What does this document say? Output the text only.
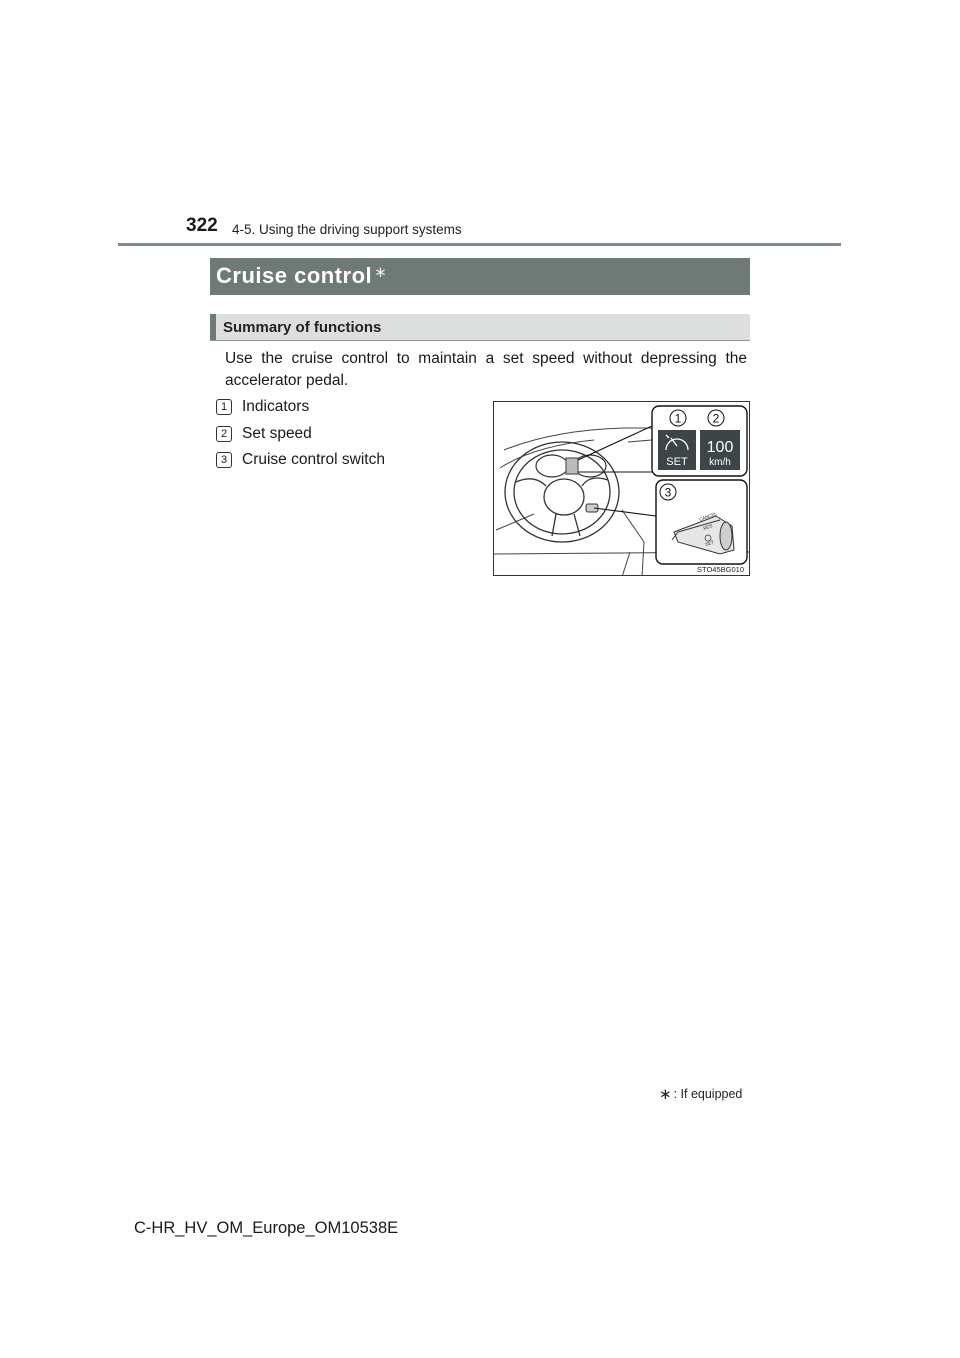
322 4-5. Using the driving support systems
Cruise control ∗
Summary of functions

Use the cruise control to maintain a set speed without depressing the accelerator pedal.

1 Indicators
2 Set speed
3 Cruise control switch
1	2
SET
100
km/h
3
CANCEL
RES
SET
STO45BG010
∗ : If equipped
C-HR_HV_OM_Europe_OM10538E
